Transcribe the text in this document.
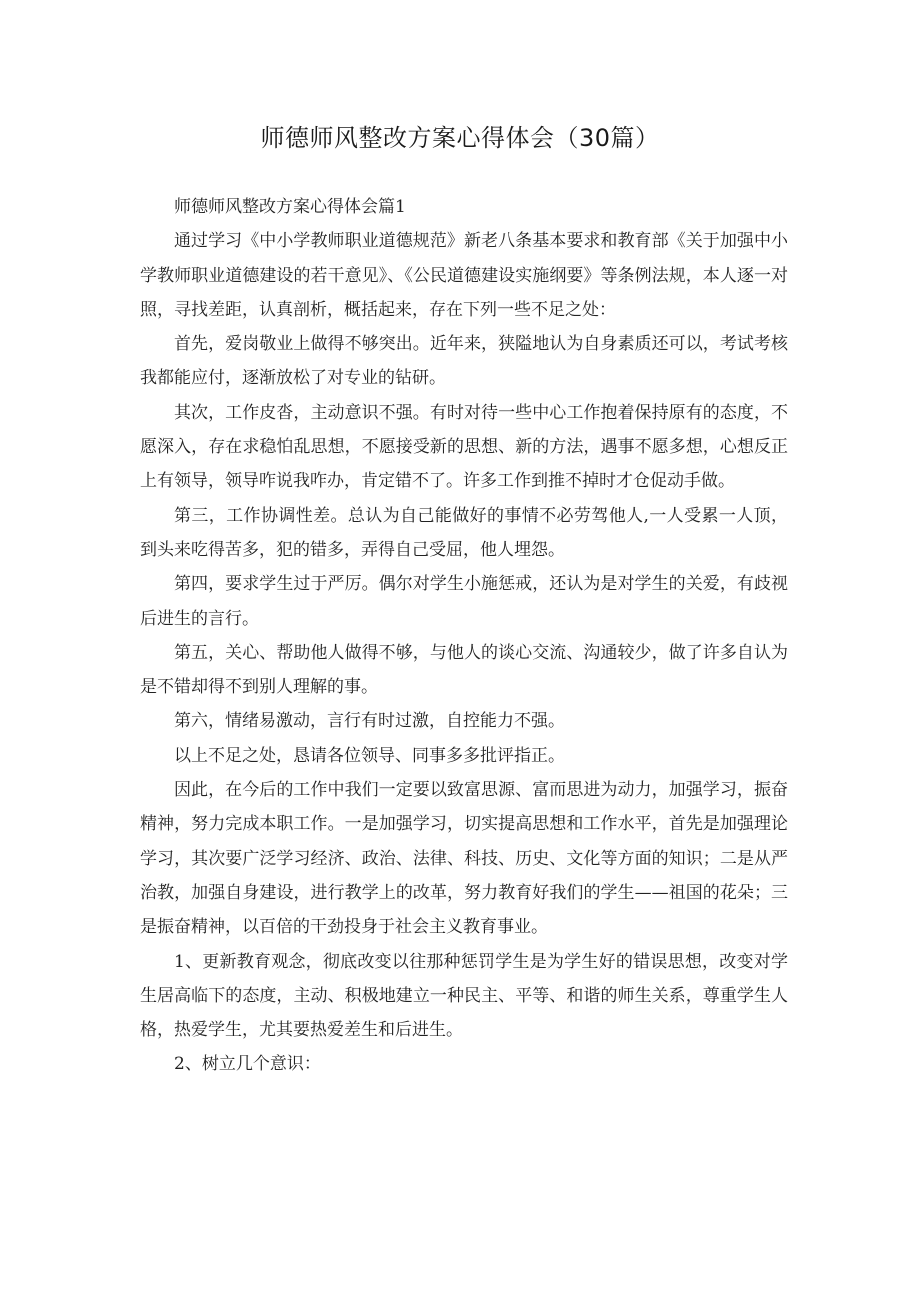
师德师风整改方案心得体会（30篇）

师德师风整改方案心得体会篇1

通过学习《中小学教师职业道德规范》新老八条基本要求和教育部《关于加强中小学教师职业道德建设的若干意见》、《公民道德建设实施纲要》等条例法规，本人逐一对照，寻找差距，认真剖析，概括起来，存在下列一些不足之处：

首先，爱岗敬业上做得不够突出。近年来，狭隘地认为自身素质还可以，考试考核我都能应付，逐渐放松了对专业的钻研。

其次，工作皮沓，主动意识不强。有时对待一些中心工作抱着保持原有的态度，不愿深入，存在求稳怕乱思想，不愿接受新的思想、新的方法，遇事不愿多想，心想反正上有领导，领导咋说我咋办，肯定错不了。许多工作到推不掉时才仓促动手做。

第三，工作协调性差。总认为自己能做好的事情不必劳驾他人,一人受累一人顶，到头来吃得苦多，犯的错多，弄得自己受屈，他人埋怨。

第四，要求学生过于严厉。偶尔对学生小施惩戒，还认为是对学生的关爱，有歧视后进生的言行。

第五，关心、帮助他人做得不够，与他人的谈心交流、沟通较少，做了许多自认为是不错却得不到别人理解的事。

第六，情绪易激动，言行有时过激，自控能力不强。

以上不足之处，恳请各位领导、同事多多批评指正。

因此，在今后的工作中我们一定要以致富思源、富而思进为动力，加强学习，振奋精神，努力完成本职工作。一是加强学习，切实提高思想和工作水平，首先是加强理论学习，其次要广泛学习经济、政治、法律、科技、历史、文化等方面的知识；二是从严治教，加强自身建设，进行教学上的改革，努力教育好我们的学生——祖国的花朵；三是振奋精神，以百倍的干劲投身于社会主义教育事业。

1、更新教育观念，彻底改变以往那种惩罚学生是为学生好的错误思想，改变对学生居高临下的态度，主动、积极地建立一种民主、平等、和谐的师生关系，尊重学生人格，热爱学生，尤其要热爱差生和后进生。

2、树立几个意识：
